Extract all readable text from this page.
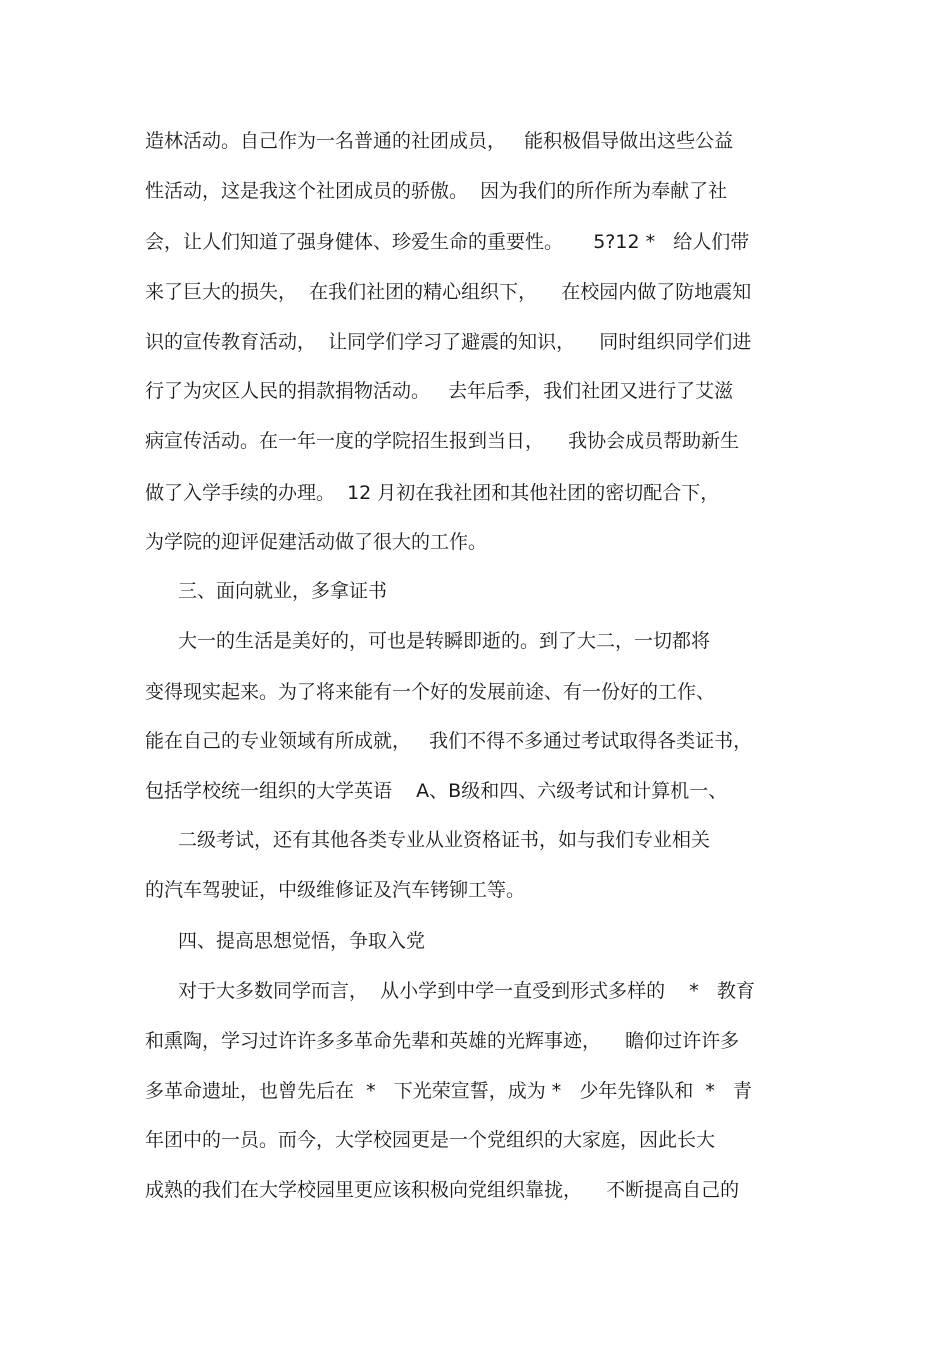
造林活动。自己作为一名普通的社团成员，   能积极倡导做出这些公益

性活动，这是我这个社团成员的骄傲。  因为我们的所作所为奉献了社

会，让人们知道了强身健体、珍爱生命的重要性。     5?12 *   给人们带

来了巨大的损失，  在我们社团的精心组织下，    在校园内做了防地震知

识的宣传教育活动，  让同学们学习了避震的知识，    同时组织同学们进

行了为灾区人民的捐款捐物活动。   去年后季，我们社团又进行了艾滋

病宣传活动。在一年一度的学院招生报到当日，    我协会成员帮助新生

做了入学手续的办理。  12 月初在我社团和其他社团的密切配合下，

为学院的迎评促建活动做了很大的工作。

三、面向就业，多拿证书

大一的生活是美好的，可也是转瞬即逝的。到了大二，一切都将

变得现实起来。为了将来能有一个好的发展前途、有一份好的工作、

能在自己的专业领域有所成就，   我们不得不多通过考试取得各类证书，

包括学校统一组织的大学英语    A、B级和四、六级考试和计算机一、

二级考试，还有其他各类专业从业资格证书，如与我们专业相关

的汽车驾驶证，中级维修证及汽车铐铆工等。

四、提高思想觉悟，争取入党

对于大多数同学而言，  从小学到中学一直受到形式多样的    *   教育

和熏陶，学习过许许多多革命先辈和英雄的光辉事迹，    瞻仰过许许多

多革命遗址，也曾先后在  *   下光荣宣誓，成为 *   少年先锋队和  *   青

年团中的一员。而今，大学校园更是一个党组织的大家庭，因此长大

成熟的我们在大学校园里更应该积极向党组织靠拢，    不断提高自己的
